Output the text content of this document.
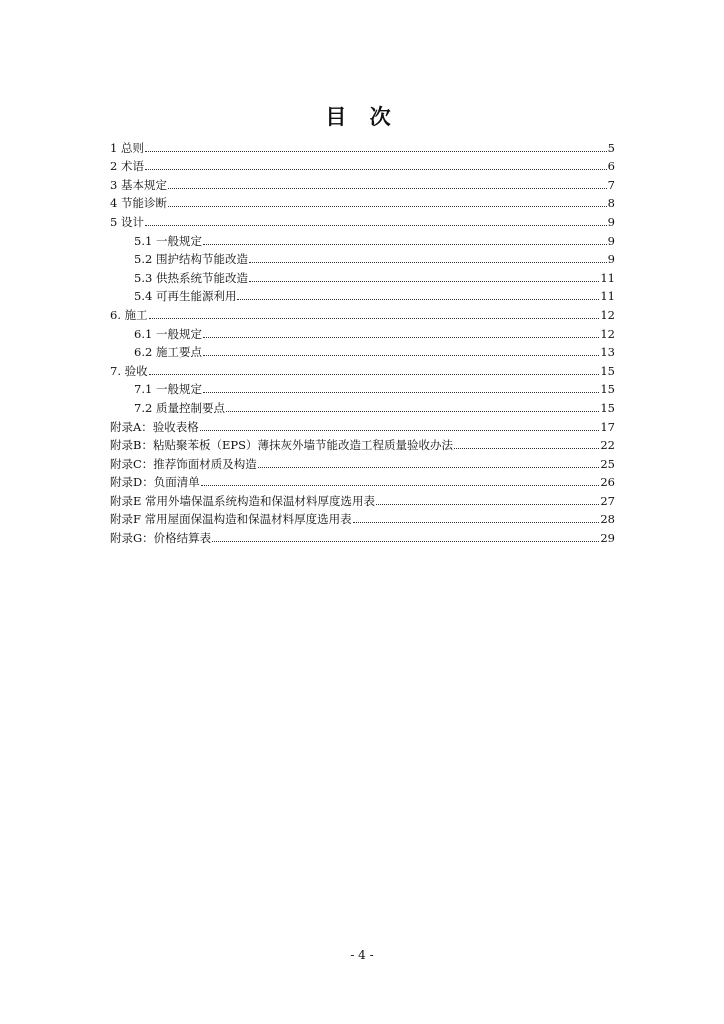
目 次
1 总则	5
2 术语	6
3 基本规定	7
4 节能诊断	8
5 设计	9
5.1 一般规定	9
5.2 围护结构节能改造	9
5.3 供热系统节能改造	11
5.4 可再生能源利用	11
6. 施工	12
6.1 一般规定	12
6.2 施工要点	13
7. 验收	15
7.1 一般规定	15
7.2 质量控制要点	15
附录A：验收表格	17
附录B：粘贴聚苯板（EPS）薄抹灰外墙节能改造工程质量验收办法	22
附录C：推荐饰面材质及构造	25
附录D：负面清单	26
附录E 常用外墙保温系统构造和保温材料厚度选用表	27
附录F 常用屋面保温构造和保温材料厚度选用表	28
附录G：价格结算表	29

- 4 -
